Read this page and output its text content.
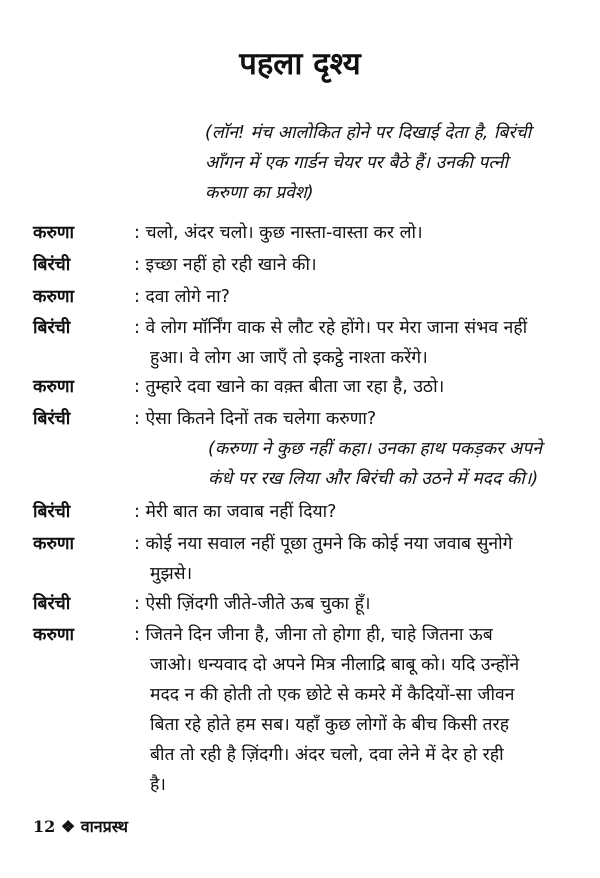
पहला दृश्य
(लॉन! मंच आलोकित होने पर दिखाई देता है, बिरंची
आँगन में एक गार्डन चेयर पर बैठे हैं। उनकी पत्नी
करुणा का प्रवेश)
करुणा	: चलो, अंदर चलो। कुछ नास्ता-वास्ता कर लो।
बिरंची	: इच्छा नहीं हो रही खाने की।
करुणा	: दवा लोगे ना?
बिरंची	: वे लोग मॉर्निंग वाक से लौट रहे होंगे। पर मेरा जाना संभव नहीं
हुआ। वे लोग आ जाएँ तो इकट्ठे नाश्ता करेंगे।
करुणा	: तुम्हारे दवा खाने का वक़्त बीता जा रहा है, उठो।
बिरंची	: ऐसा कितने दिनों तक चलेगा करुणा?
(करुणा ने कुछ नहीं कहा। उनका हाथ पकड़कर अपने
कंधे पर रख लिया और बिरंची को उठने में मदद की।)
बिरंची	: मेरी बात का जवाब नहीं दिया?
करुणा	: कोई नया सवाल नहीं पूछा तुमने कि कोई नया जवाब सुनोगे
मुझसे।
बिरंची	: ऐसी ज़िंदगी जीते-जीते ऊब चुका हूँ।
करुणा	: जितने दिन जीना है, जीना तो होगा ही, चाहे जितना ऊब
जाओ। धन्यवाद दो अपने मित्र नीलाद्रि बाबू को। यदि उन्होंने
मदद न की होती तो एक छोटे से कमरे में कैदियों-सा जीवन
बिता रहे होते हम सब। यहाँ कुछ लोगों के बीच किसी तरह
बीत तो रही है ज़िंदगी। अंदर चलो, दवा लेने में देर हो रही
है।
12 ❖ वानप्रस्थ
